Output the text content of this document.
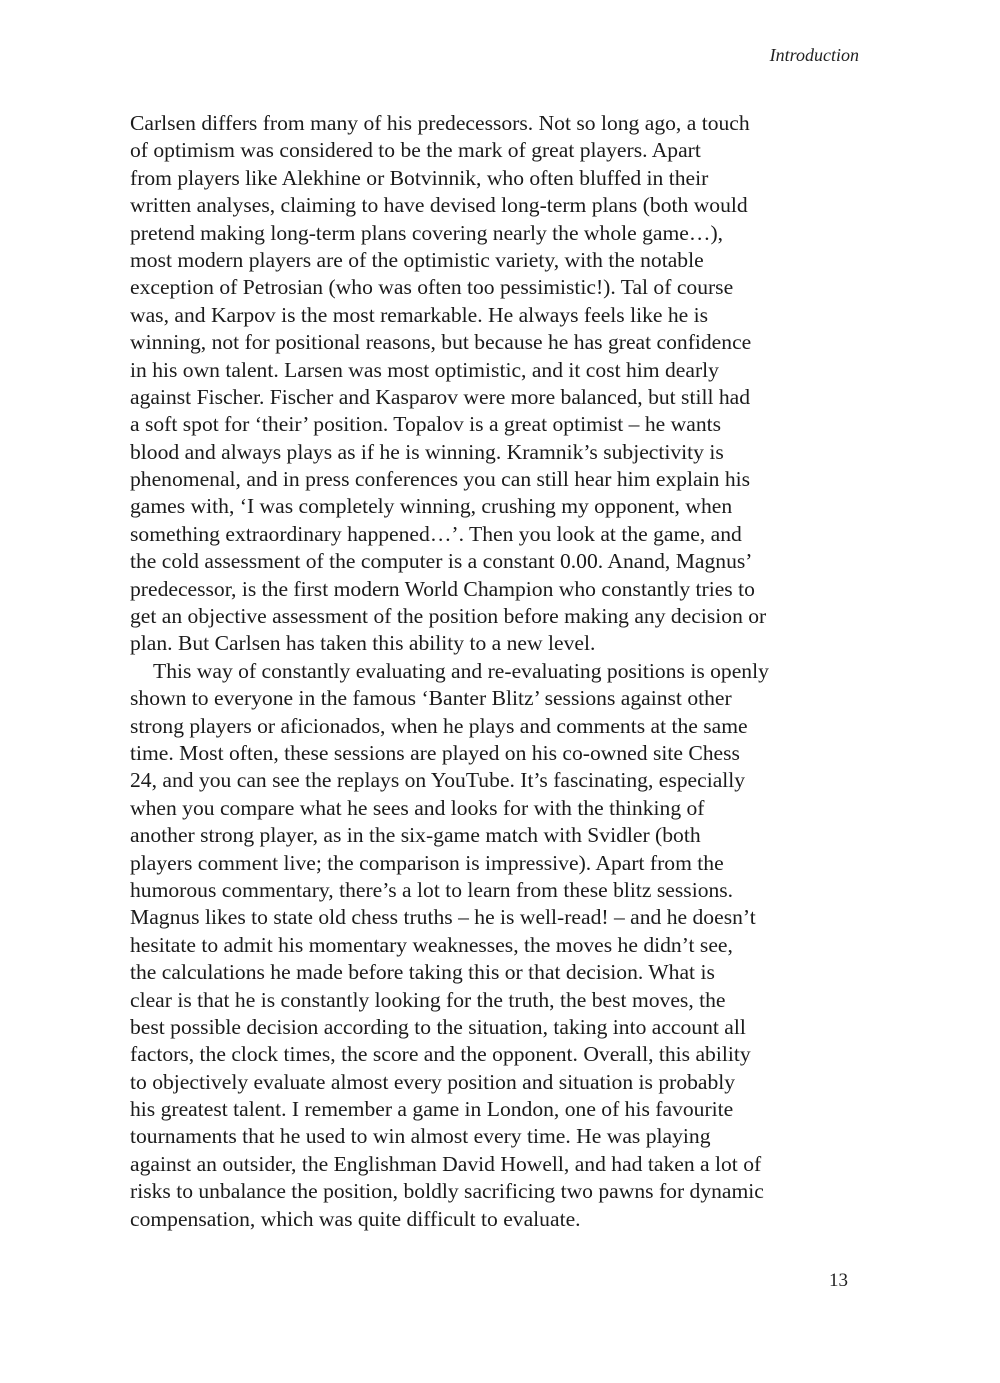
Introduction
Carlsen differs from many of his predecessors. Not so long ago, a touch
of optimism was considered to be the mark of great players. Apart
from players like Alekhine or Botvinnik, who often bluffed in their
written analyses, claiming to have devised long-term plans (both would
pretend making long-term plans covering nearly the whole game…),
most modern players are of the optimistic variety, with the notable
exception of Petrosian (who was often too pessimistic!). Tal of course
was, and Karpov is the most remarkable. He always feels like he is
winning, not for positional reasons, but because he has great confidence
in his own talent. Larsen was most optimistic, and it cost him dearly
against Fischer. Fischer and Kasparov were more balanced, but still had
a soft spot for ‘their’ position. Topalov is a great optimist – he wants
blood and always plays as if he is winning. Kramnik’s subjectivity is
phenomenal, and in press conferences you can still hear him explain his
games with, ‘I was completely winning, crushing my opponent, when
something extraordinary happened…’. Then you look at the game, and
the cold assessment of the computer is a constant 0.00. Anand, Magnus’
predecessor, is the first modern World Champion who constantly tries to
get an objective assessment of the position before making any decision or
plan. But Carlsen has taken this ability to a new level.
This way of constantly evaluating and re-evaluating positions is openly
shown to everyone in the famous ‘Banter Blitz’ sessions against other
strong players or aficionados, when he plays and comments at the same
time. Most often, these sessions are played on his co-owned site Chess
24, and you can see the replays on YouTube. It’s fascinating, especially
when you compare what he sees and looks for with the thinking of
another strong player, as in the six-game match with Svidler (both
players comment live; the comparison is impressive). Apart from the
humorous commentary, there’s a lot to learn from these blitz sessions.
Magnus likes to state old chess truths – he is well-read! – and he doesn’t
hesitate to admit his momentary weaknesses, the moves he didn’t see,
the calculations he made before taking this or that decision. What is
clear is that he is constantly looking for the truth, the best moves, the
best possible decision according to the situation, taking into account all
factors, the clock times, the score and the opponent. Overall, this ability
to objectively evaluate almost every position and situation is probably
his greatest talent. I remember a game in London, one of his favourite
tournaments that he used to win almost every time. He was playing
against an outsider, the Englishman David Howell, and had taken a lot of
risks to unbalance the position, boldly sacrificing two pawns for dynamic
compensation, which was quite difficult to evaluate.
13
